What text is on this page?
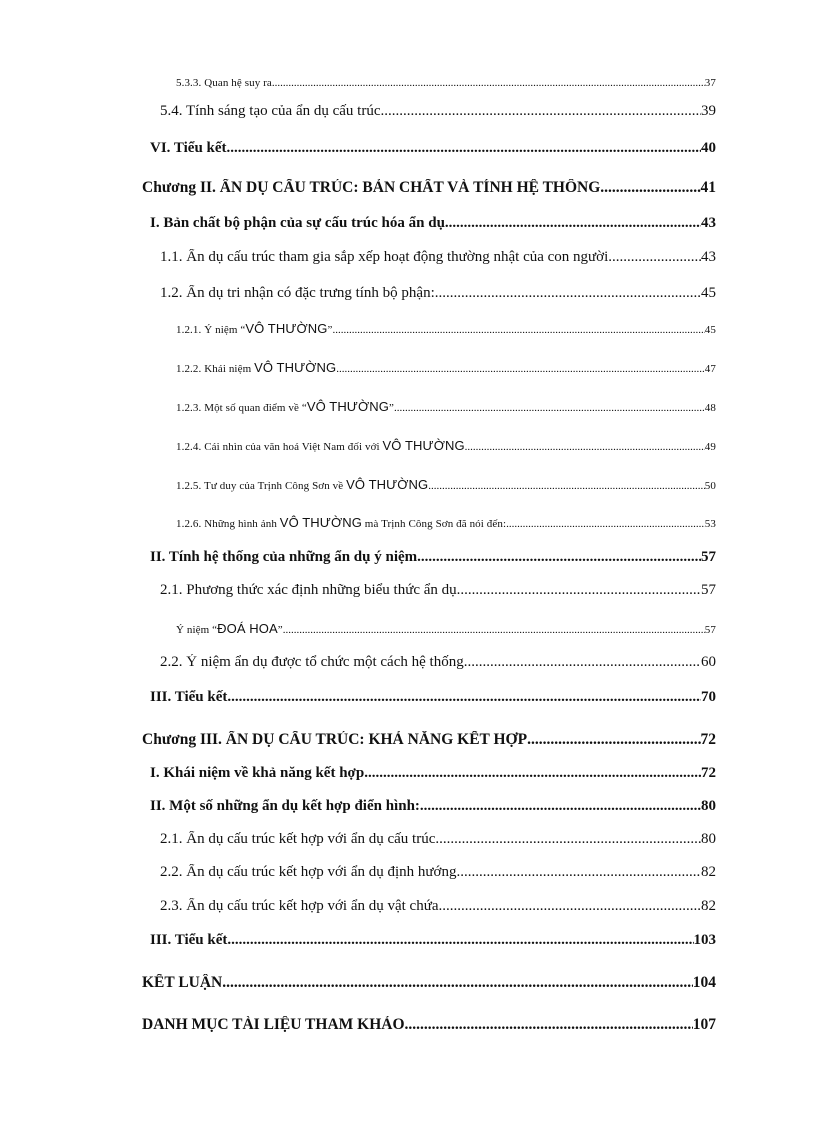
5.3.3. Quan hệ suy ra .....	37
5.4. Tính sáng tạo của ẩn dụ cấu trúc .....	39
VI. Tiểu kết .....	40
Chương II. ẨN DỤ CẤU TRÚC: BẢN CHẤT VÀ TÍNH HỆ THỐNG .....	41
I. Bản chất bộ phận của sự cấu trúc hóa ẩn dụ .....	43
1.1. Ẩn dụ cấu trúc tham gia sắp xếp hoạt động thường nhật của con người .....	43
1.2. Ẩn dụ tri nhận có đặc trưng tính bộ phận: .....	45
1.2.1. Ý niệm “VÔ THƯỜNG” .....	45
1.2.2. Khái niệm VÔ THƯỜNG .....	47
1.2.3. Một số quan điểm về “VÔ THƯỜNG” .....	48
1.2.4. Cái nhìn của văn hoá Việt Nam đối với VÔ THƯỜNG .....	49
1.2.5. Tư duy của Trịnh Công Sơn về VÔ THƯỜNG .....	50
1.2.6. Những hình ảnh VÔ THƯỜNG mà Trịnh Công Sơn đã nói đến: .....	53
II. Tính hệ thống của những ẩn dụ ý niệm .....	57
2.1. Phương thức xác định những biểu thức ẩn dụ .....	57
Ý niệm “ĐOÁ HOA” .....	57
2.2. Ý niệm ẩn dụ được tổ chức một cách hệ thống .....	60
III. Tiểu kết .....	70
Chương III. ẨN DỤ CẤU TRÚC: KHẢ NĂNG KẾT HỢP .....	72
I. Khái niệm về khả năng kết hợp .....	72
II. Một số những ẩn dụ kết hợp điển hình: .....	80
2.1. Ẩn dụ cấu trúc kết hợp với ẩn dụ cấu trúc .....	80
2.2. Ẩn dụ cấu trúc kết hợp với ẩn dụ định hướng .....	82
2.3. Ẩn dụ cấu trúc kết hợp với ẩn dụ vật chứa .....	82
III. Tiểu kết .....	103
KẾT LUẬN .....	104
DANH MỤC TÀI LIỆU THAM KHẢO .....	107
